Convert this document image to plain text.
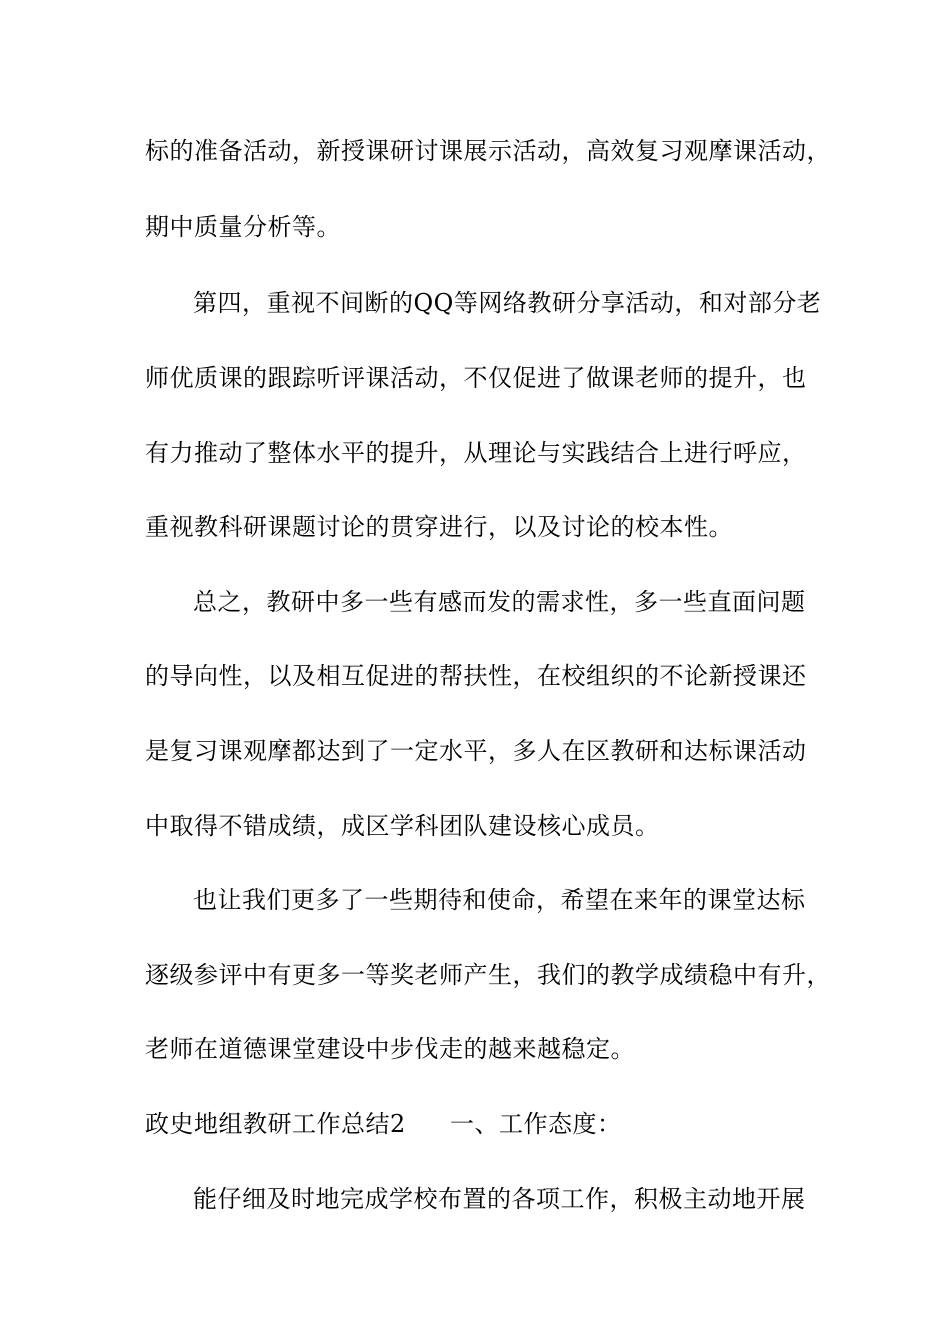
标的准备活动，新授课研讨课展示活动，高效复习观摩课活动，
期中质量分析等。
第四，重视不间断的QQ等网络教研分享活动，和对部分老
师优质课的跟踪听评课活动，不仅促进了做课老师的提升，也
有力推动了整体水平的提升，从理论与实践结合上进行呼应，
重视教科研课题讨论的贯穿进行，以及讨论的校本性。
总之，教研中多一些有感而发的需求性，多一些直面问题
的导向性，以及相互促进的帮扶性，在校组织的不论新授课还
是复习课观摩都达到了一定水平，多人在区教研和达标课活动
中取得不错成绩，成区学科团队建设核心成员。
也让我们更多了一些期待和使命，希望在来年的课堂达标
逐级参评中有更多一等奖老师产生，我们的教学成绩稳中有升，
老师在道德课堂建设中步伐走的越来越稳定。
政史地组教研工作总结2	一、工作态度：
能仔细及时地完成学校布置的各项工作，积极主动地开展
